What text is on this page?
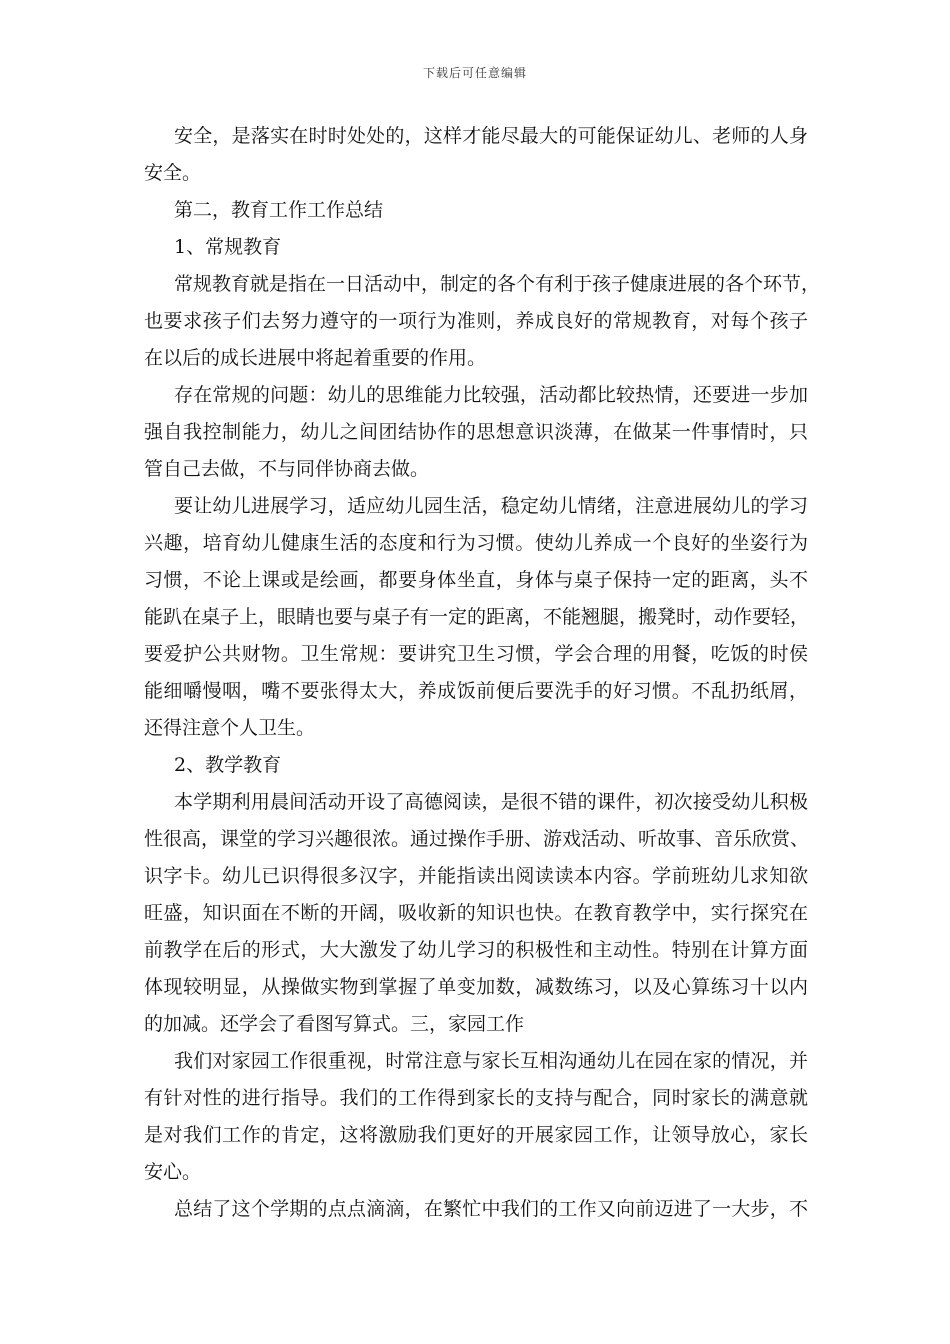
下载后可任意编辑
安全，是落实在时时处处的，这样才能尽最大的可能保证幼儿、老师的人身
安全。
第二，教育工作工作总结
1、常规教育
常规教育就是指在一日活动中，制定的各个有利于孩子健康进展的各个环节，
也要求孩子们去努力遵守的一项行为准则，养成良好的常规教育，对每个孩子
在以后的成长进展中将起着重要的作用。
存在常规的问题：幼儿的思维能力比较强，活动都比较热情，还要进一步加
强自我控制能力，幼儿之间团结协作的思想意识淡薄，在做某一件事情时，只
管自己去做，不与同伴协商去做。
要让幼儿进展学习，适应幼儿园生活，稳定幼儿情绪，注意进展幼儿的学习
兴趣，培育幼儿健康生活的态度和行为习惯。使幼儿养成一个良好的坐姿行为
习惯，不论上课或是绘画，都要身体坐直，身体与桌子保持一定的距离，头不
能趴在桌子上，眼睛也要与桌子有一定的距离，不能翘腿，搬凳时，动作要轻，
要爱护公共财物。卫生常规：要讲究卫生习惯，学会合理的用餐，吃饭的时侯
能细嚼慢咽，嘴不要张得太大，养成饭前便后要洗手的好习惯。不乱扔纸屑，
还得注意个人卫生。
2、教学教育
本学期利用晨间活动开设了高德阅读，是很不错的课件，初次接受幼儿积极
性很高，课堂的学习兴趣很浓。通过操作手册、游戏活动、听故事、音乐欣赏、
识字卡。幼儿已识得很多汉字，并能指读出阅读读本内容。学前班幼儿求知欲
旺盛，知识面在不断的开阔，吸收新的知识也快。在教育教学中，实行探究在
前教学在后的形式，大大激发了幼儿学习的积极性和主动性。特别在计算方面
体现较明显，从操做实物到掌握了单变加数，减数练习，以及心算练习十以内
的加减。还学会了看图写算式。三，家园工作
我们对家园工作很重视，时常注意与家长互相沟通幼儿在园在家的情况，并
有针对性的进行指导。我们的工作得到家长的支持与配合，同时家长的满意就
是对我们工作的肯定，这将激励我们更好的开展家园工作，让领导放心，家长
安心。
总结了这个学期的点点滴滴，在繁忙中我们的工作又向前迈进了一大步，不
